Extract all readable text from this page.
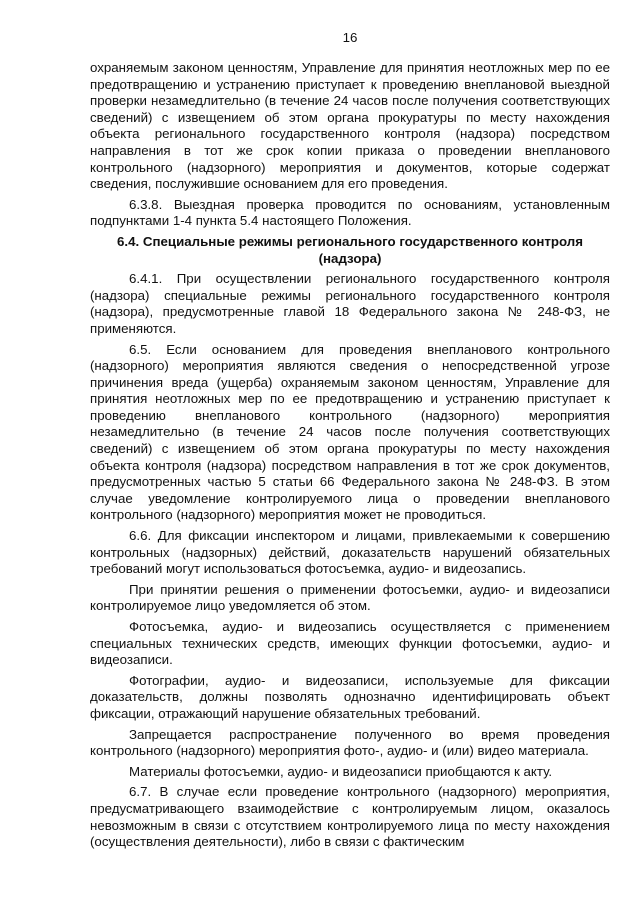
16

охраняемым законом ценностям, Управление для принятия неотложных мер по ее предотвращению и устранению приступает к проведению внеплановой выездной проверки незамедлительно (в течение 24 часов после получения соответствующих сведений) с извещением об этом органа прокуратуры по месту нахождения объекта регионального государственного контроля (надзора) посредством направления в тот же срок копии приказа о проведении внепланового контрольного (надзорного) мероприятия и документов, которые содержат сведения, послужившие основанием для его проведения.

6.3.8. Выездная проверка проводится по основаниям, установленным подпунктами 1-4 пункта 5.4 настоящего Положения.

6.4. Специальные режимы регионального государственного контроля (надзора)

6.4.1. При осуществлении регионального государственного контроля (надзора) специальные режимы регионального государственного контроля (надзора), предусмотренные главой 18 Федерального закона № 248-ФЗ, не применяются.

6.5. Если основанием для проведения внепланового контрольного (надзорного) мероприятия являются сведения о непосредственной угрозе причинения вреда (ущерба) охраняемым законом ценностям, Управление для принятия неотложных мер по ее предотвращению и устранению приступает к проведению внепланового контрольного (надзорного) мероприятия незамедлительно (в течение 24 часов после получения соответствующих сведений) с извещением об этом органа прокуратуры по месту нахождения объекта контроля (надзора) посредством направления в тот же срок документов, предусмотренных частью 5 статьи 66 Федерального закона № 248-ФЗ. В этом случае уведомление контролируемого лица о проведении внепланового контрольного (надзорного) мероприятия может не проводиться.

6.6. Для фиксации инспектором и лицами, привлекаемыми к совершению контрольных (надзорных) действий, доказательств нарушений обязательных требований могут использоваться фотосъемка, аудио- и видеозапись.

При принятии решения о применении фотосъемки, аудио- и видеозаписи контролируемое лицо уведомляется об этом.

Фотосъемка, аудио- и видеозапись осуществляется с применением специальных технических средств, имеющих функции фотосъемки, аудио- и видеозаписи.

Фотографии, аудио- и видеозаписи, используемые для фиксации доказательств, должны позволять однозначно идентифицировать объект фиксации, отражающий нарушение обязательных требований.

Запрещается распространение полученного во время проведения контрольного (надзорного) мероприятия фото-, аудио- и (или) видео материала.

Материалы фотосъемки, аудио- и видеозаписи приобщаются к акту.

6.7. В случае если проведение контрольного (надзорного) мероприятия, предусматривающего взаимодействие с контролируемым лицом, оказалось невозможным в связи с отсутствием контролируемого лица по месту нахождения (осуществления деятельности), либо в связи с фактическим
